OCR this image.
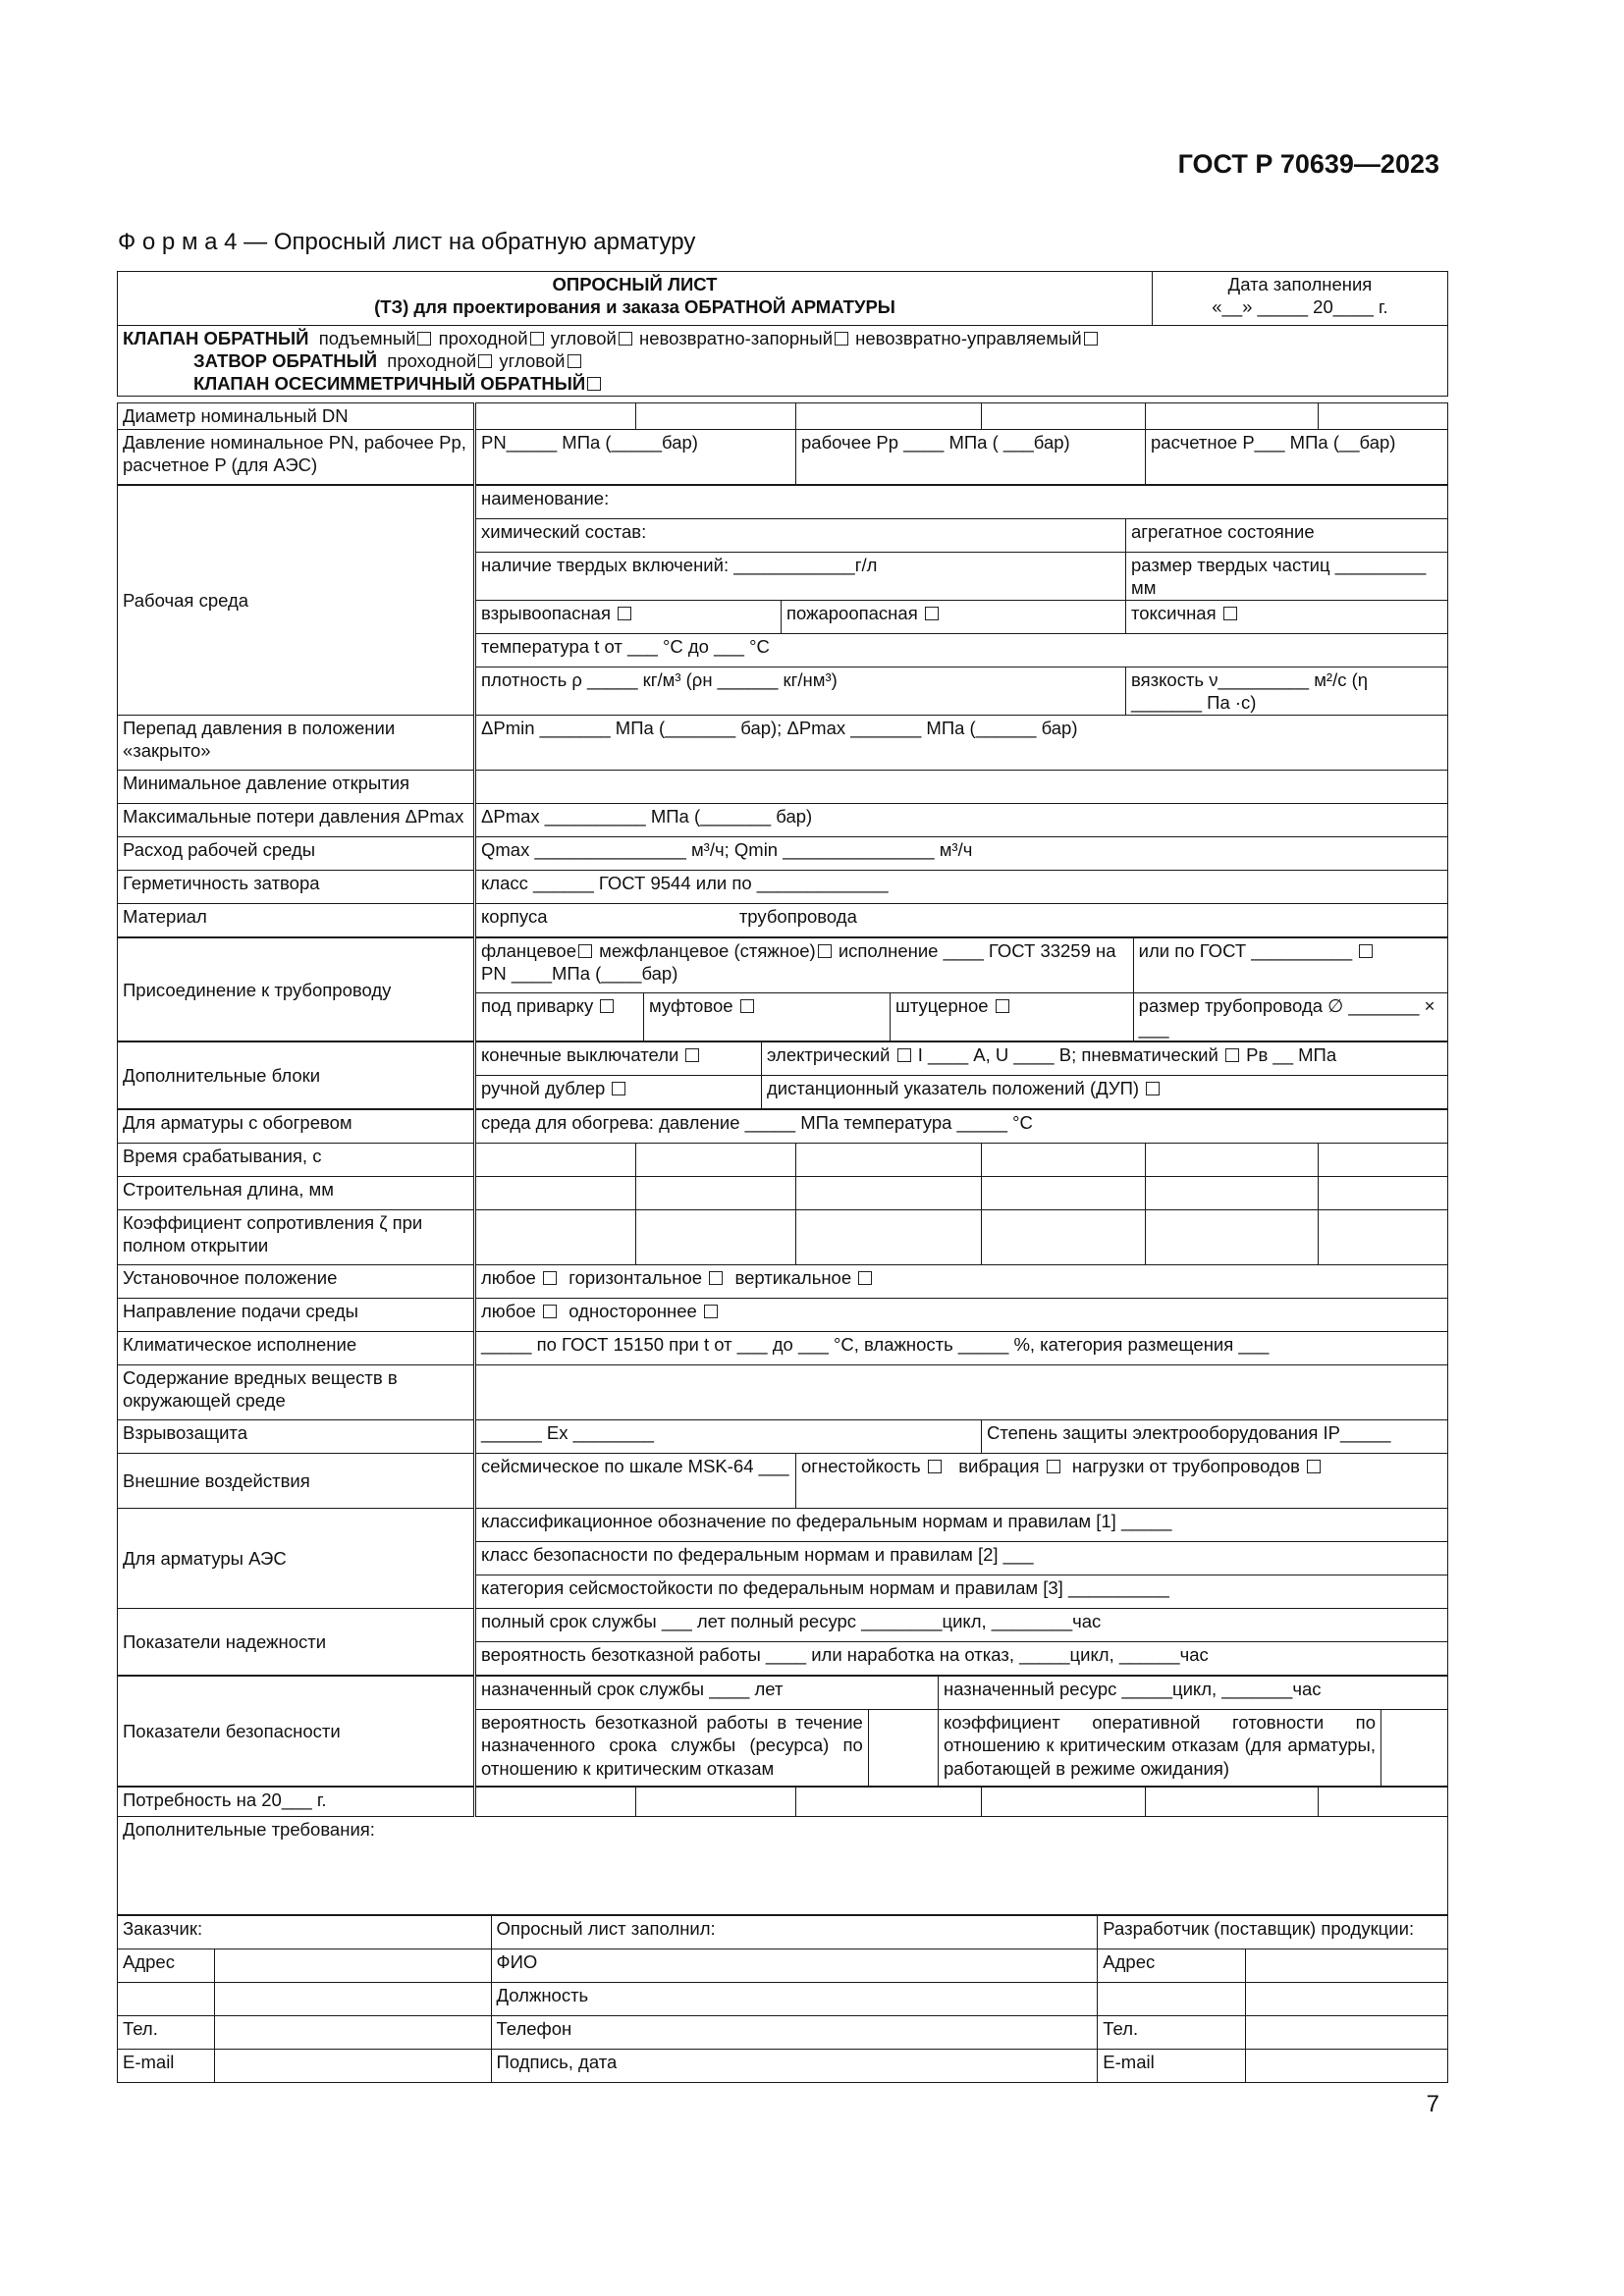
ГОСТ Р 70639—2023
Ф о р м а 4 — Опросный лист на обратную арматуру
ОПРОСНЫЙ ЛИСТ
(ТЗ) для проектирования и заказа ОБРАТНОЙ АРМАТУРЫ

Дата заполнения
«__» _____ 20____ г.

КЛАПАН ОБРАТНЫЙ подъемный проходной угловой невозвратно-запорный невозвратно-управляемый
ЗАТВОР ОБРАТНЫЙ проходной угловой
КЛАПАН ОСЕСИММЕТРИЧНЫЙ ОБРАТНЫЙ
Диаметр номинальный DN						
Давление номинальное PN, рабочее Pр, расчетное P (для АЭС)	PN_____ МПа (_____бар)		рабочее Pр ____ МПа ( ___бар)		расчетное P___ МПа (__бар)	
Рабочая среда	наименование:		
	химический состав:		агрегатное состояние
	наличие твердых включений: ____________г/л		размер твердых частиц _________ мм
	взрывоопасная	пожароопасная	токсичная
	температура t от ___ °С до ___ °С		
	плотность ρ _____ кг/м³ (ρн ______ кг/нм³)		вязкость ν_________ м²/с (η _______ Па ·с)
Перепад давления в положении «закрыто»	ΔPmin _______ МПа (_______ бар); ΔPmax _______ МПа (______ бар)		
Минимальное давление открытия			
Максимальные потери давления ΔPmax	ΔPmax __________ МПа (_______ бар)		
Расход рабочей среды	Qmax _______________ м³/ч; Qmin _______________ м³/ч		
Герметичность затвора	класс ______ ГОСТ 9544 или по _____________		
Материал	корпуса трубопровода		
Присоединение к трубопроводу	фланцевое межфланцевое (стяжное) исполнение ____ ГОСТ 33259 на PN ____МПа (____бар)			или по ГОСТ __________
	под приварку	муфтовое	штуцерное	размер трубопровода ∅ _______ × ___
Дополнительные блоки	конечные выключатели	электрический I ____ А, U ____ В; пневматический Pв __ МПа
	ручной дублер	дистанционный указатель положений (ДУП)
Для арматуры с обогревом	среда для обогрева: давление _____ МПа температура _____ °С					
Время срабатывания, с						
Строительная длина, мм						
Коэффициент сопротивления ζ при полном открытии						
Установочное положение	любое горизонтальное вертикальное					
Направление подачи среды	любое одностороннее					
Климатическое исполнение	_____ по ГОСТ 15150 при t от ___ до ___ °С, влажность _____ %, категория размещения ___					
Содержание вредных веществ в окружающей среде						
Взрывозащита	______ Ex ________			Степень защиты электрооборудования IP_____		
Внешние воздействия	сейсмическое по шкале MSK-64 ___		огнестойкость вибрация нагрузки от трубопроводов			
Для арматуры АЭС	классификационное обозначение по федеральным нормам и правилам [1] _____					
	класс безопасности по федеральным нормам и правилам [2] ___					
	категория сейсмостойкости по федеральным нормам и правилам [3] __________					
Показатели надежности	полный срок службы ___ лет полный ресурс ________цикл, ________час					
	вероятность безотказной работы ____ или наработка на отказ, _____цикл, ______час					
Показатели безопасности	назначенный срок службы ____ лет		назначенный ресурс _____цикл, _______час	
	вероятность безотказной работы в течение назначенного срока службы (ресурса) по отношению к критическим отказам		коэффициент оперативной готовности по отношению к критическим отказам (для арматуры, работающей в режиме ожидания)	
Потребность на 20___ г.						
Дополнительные требования:
Заказчик:		Опросный лист заполнил:	Разработчик (поставщик) продукции:	
Адрес		ФИО	Адрес	
		Должность		
Тел.		Телефон	Тел.	
E-mail		Подпись, дата	E-mail	
7
